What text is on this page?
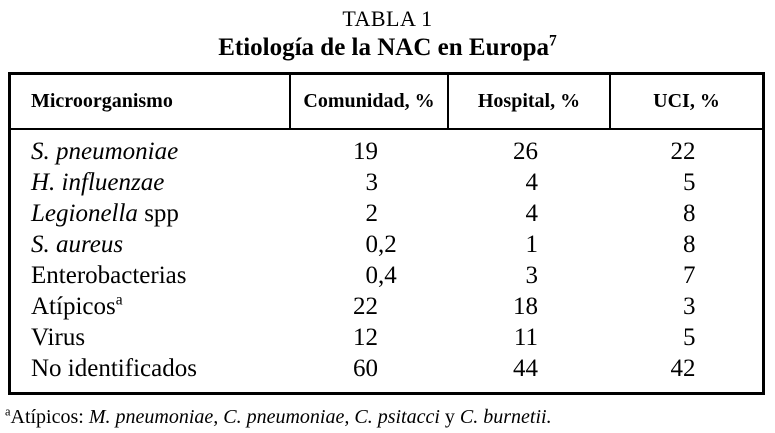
TABLA 1
Etiología de la NAC en Europa$^7$
Microorganismo	Comunidad, %	Hospital, %	UCI, %
S. pneumoniae	19	26	22
H. influenzae	3	4	5
Legionella spp	2	4	8
S. aureus	0 ,2	1	8
Enterobacterias	0 ,4	3	7
Atípicos$^a$	22	18	3
Virus	12	11	5
No identificados	60	44	42
$^a$Atípicos: M. pneumoniae, C. pneumoniae, C. psitacci y C. burnetii.
